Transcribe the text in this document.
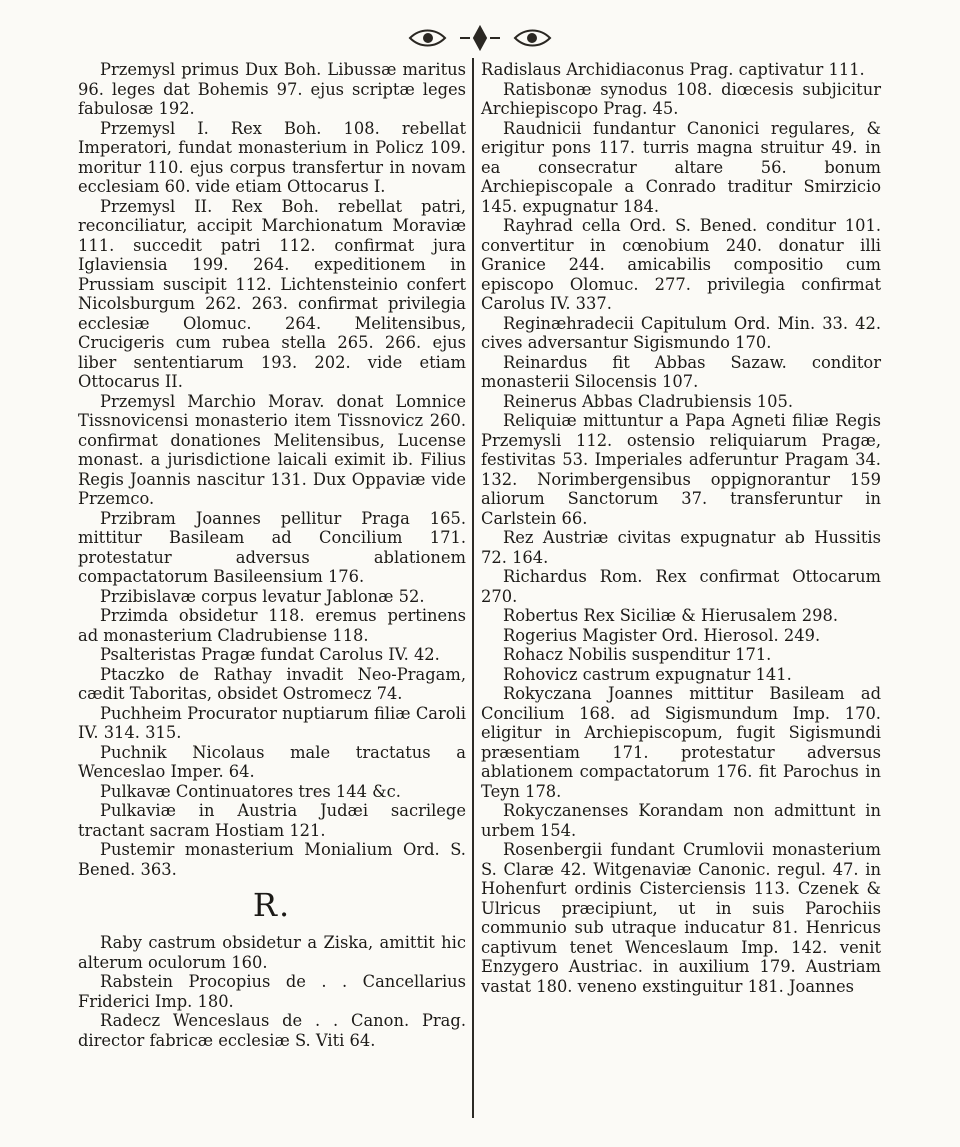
Przemysl primus Dux Boh. Libussæ maritus 96. leges dat Bohemis 97. ejus scriptæ leges fabulosæ 192.

Przemysl I. Rex Boh. 108. rebellat Imperatori, fundat monasterium in Policz 109. moritur 110. ejus corpus transfertur in novam ecclesiam 60. vide etiam Ottocarus I.

Przemysl II. Rex Boh. rebellat patri, reconciliatur, accipit Marchionatum Moraviæ 111. succedit patri 112. confirmat jura Iglaviensia 199. 264. expeditionem in Prussiam suscipit 112. Lichtensteinio confert Nicolsburgum 262. 263. confirmat privilegia ecclesiæ Olomuc. 264. Melitensibus, Crucigeris cum rubea stella 265. 266. ejus liber sententiarum 193. 202. vide etiam Ottocarus II.

Przemysl Marchio Morav. donat Lomnice Tissnovicensi monasterio item Tissnovicz 260. confirmat donationes Melitensibus, Lucense monast. a jurisdictione laicali eximit ib. Filius Regis Joannis nascitur 131. Dux Oppaviæ vide Przemco.

Przibram Joannes pellitur Praga 165. mittitur Basileam ad Concilium 171. protestatur adversus ablationem compactatorum Basileensium 176.

Przibislavæ corpus levatur Jablonæ 52.

Przimda obsidetur 118. eremus pertinens ad monasterium Cladrubiense 118.

Psalteristas Pragæ fundat Carolus IV. 42.

Ptaczko de Rathay invadit Neo-Pragam, cædit Taboritas, obsidet Ostromecz 74.

Puchheim Procurator nuptiarum filiæ Caroli IV. 314. 315.

Puchnik Nicolaus male tractatus a Wenceslao Imper. 64.

Pulkavæ Continuatores tres 144 &c.

Pulkaviæ in Austria Judæi sacrilege tractant sacram Hostiam 121.

Pustemir monasterium Monialium Ord. S. Bened. 363.

R.

Raby castrum obsidetur a Ziska, amittit hic alterum oculorum 160.

Rabstein Procopius de . . Cancellarius Friderici Imp. 180.

Radecz Wenceslaus de . . Canon. Prag. director fabricæ ecclesiæ S. Viti 64.

Radislaus Archidiaconus Prag. captivatur 111.

Ratisbonæ synodus 108. diœcesis subjicitur Archiepiscopo Prag. 45.

Raudnicii fundantur Canonici regulares, & erigitur pons 117. turris magna struitur 49. in ea consecratur altare 56. bonum Archiepiscopale a Conrado traditur Smirzicio 145. expugnatur 184.

Rayhrad cella Ord. S. Bened. conditur 101. convertitur in cœnobium 240. donatur illi Granice 244. amicabilis compositio cum episcopo Olomuc. 277. privilegia confirmat Carolus IV. 337.

Reginæhradecii Capitulum Ord. Min. 33. 42. cives adversantur Sigismundo 170.

Reinardus fit Abbas Sazaw. conditor monasterii Silocensis 107.

Reinerus Abbas Cladrubiensis 105.

Reliquiæ mittuntur a Papa Agneti filiæ Regis Przemysli 112. ostensio reliquiarum Pragæ, festivitas 53. Imperiales adferuntur Pragam 34. 132. Norimbergensibus oppignorantur 159 aliorum Sanctorum 37. transferuntur in Carlstein 66.

Rez Austriæ civitas expugnatur ab Hussitis 72. 164.

Richardus Rom. Rex confirmat Ottocarum 270.

Robertus Rex Siciliæ & Hierusalem 298.

Rogerius Magister Ord. Hierosol. 249.

Rohacz Nobilis suspenditur 171.

Rohovicz castrum expugnatur 141.

Rokyczana Joannes mittitur Basileam ad Concilium 168. ad Sigismundum Imp. 170. eligitur in Archiepiscopum, fugit Sigismundi præsentiam 171. protestatur adversus ablationem compactatorum 176. fit Parochus in Teyn 178.

Rokyczanenses Korandam non admittunt in urbem 154.

Rosenbergii fundant Crumlovii monasterium S. Claræ 42. Witgenaviæ Canonic. regul. 47. in Hohenfurt ordinis Cisterciensis 113. Czenek & Ulricus præcipiunt, ut in suis Parochiis communio sub utraque inducatur 81. Henricus captivum tenet Wenceslaum Imp. 142. venit Enzygero Austriac. in auxilium 179. Austriam vastat 180. veneno exstinguitur 181. Joannes
